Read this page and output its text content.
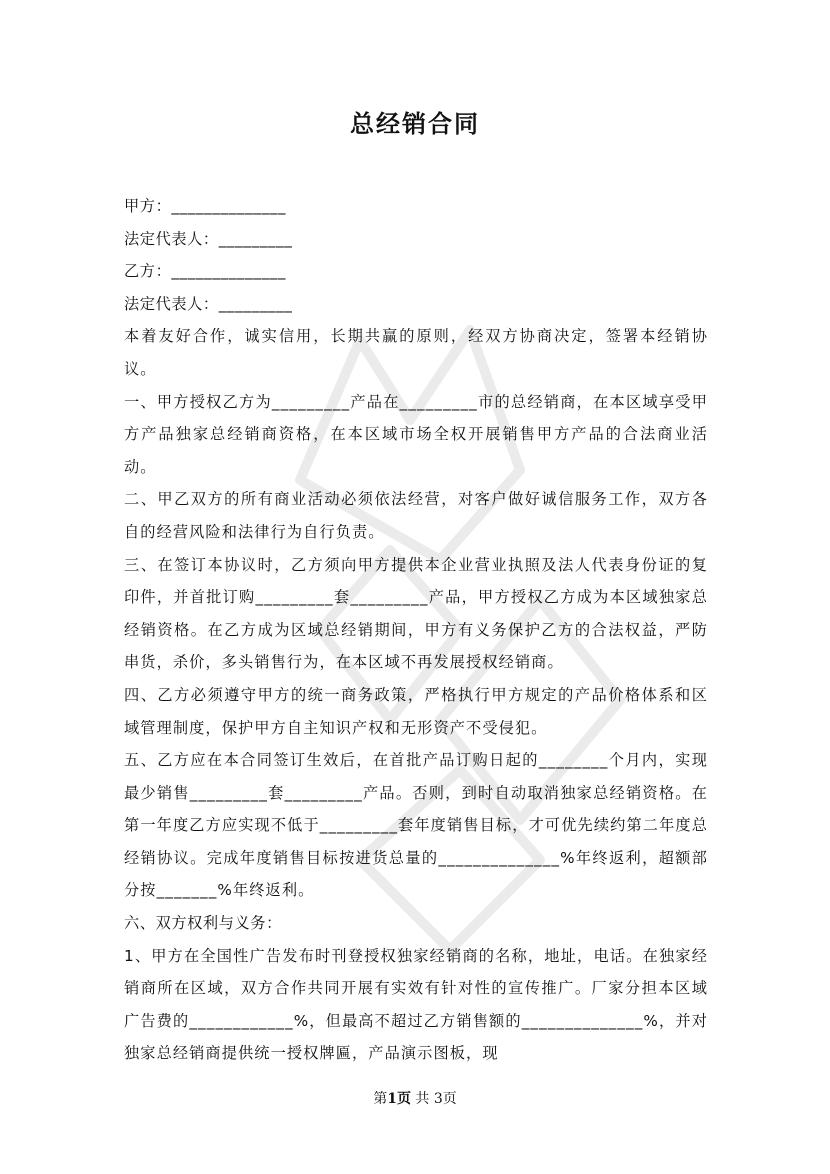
总经销合同

甲方：______________

法定代表人：_________

乙方：______________

法定代表人：_________

本着友好合作，诚实信用，长期共赢的原则，经双方协商决定，签署本经销协议。

一、甲方授权乙方为_________产品在_________市的总经销商，在本区域享受甲方产品独家总经销商资格，在本区域市场全权开展销售甲方产品的合法商业活动。

二、甲乙双方的所有商业活动必须依法经营，对客户做好诚信服务工作，双方各自的经营风险和法律行为自行负责。

三、在签订本协议时，乙方须向甲方提供本企业营业执照及法人代表身份证的复印件，并首批订购_________套_________产品，甲方授权乙方成为本区域独家总经销资格。在乙方成为区域总经销期间，甲方有义务保护乙方的合法权益，严防串货，杀价，多头销售行为，在本区域不再发展授权经销商。

四、乙方必须遵守甲方的统一商务政策，严格执行甲方规定的产品价格体系和区域管理制度，保护甲方自主知识产权和无形资产不受侵犯。

五、乙方应在本合同签订生效后，在首批产品订购日起的________个月内，实现最少销售_________套_________产品。否则，到时自动取消独家总经销资格。在第一年度乙方应实现不低于_________套年度销售目标，才可优先续约第二年度总经销协议。完成年度销售目标按进货总量的______________%年终返利，超额部分按_______%年终返利。

六、双方权利与义务：

1、甲方在全国性广告发布时刊登授权独家经销商的名称，地址，电话。在独家经销商所在区域，双方合作共同开展有实效有针对性的宣传推广。厂家分担本区域广告费的____________%，但最高不超过乙方销售额的______________%，并对独家总经销商提供统一授权牌匾，产品演示图板，现

第1页 共 3页
